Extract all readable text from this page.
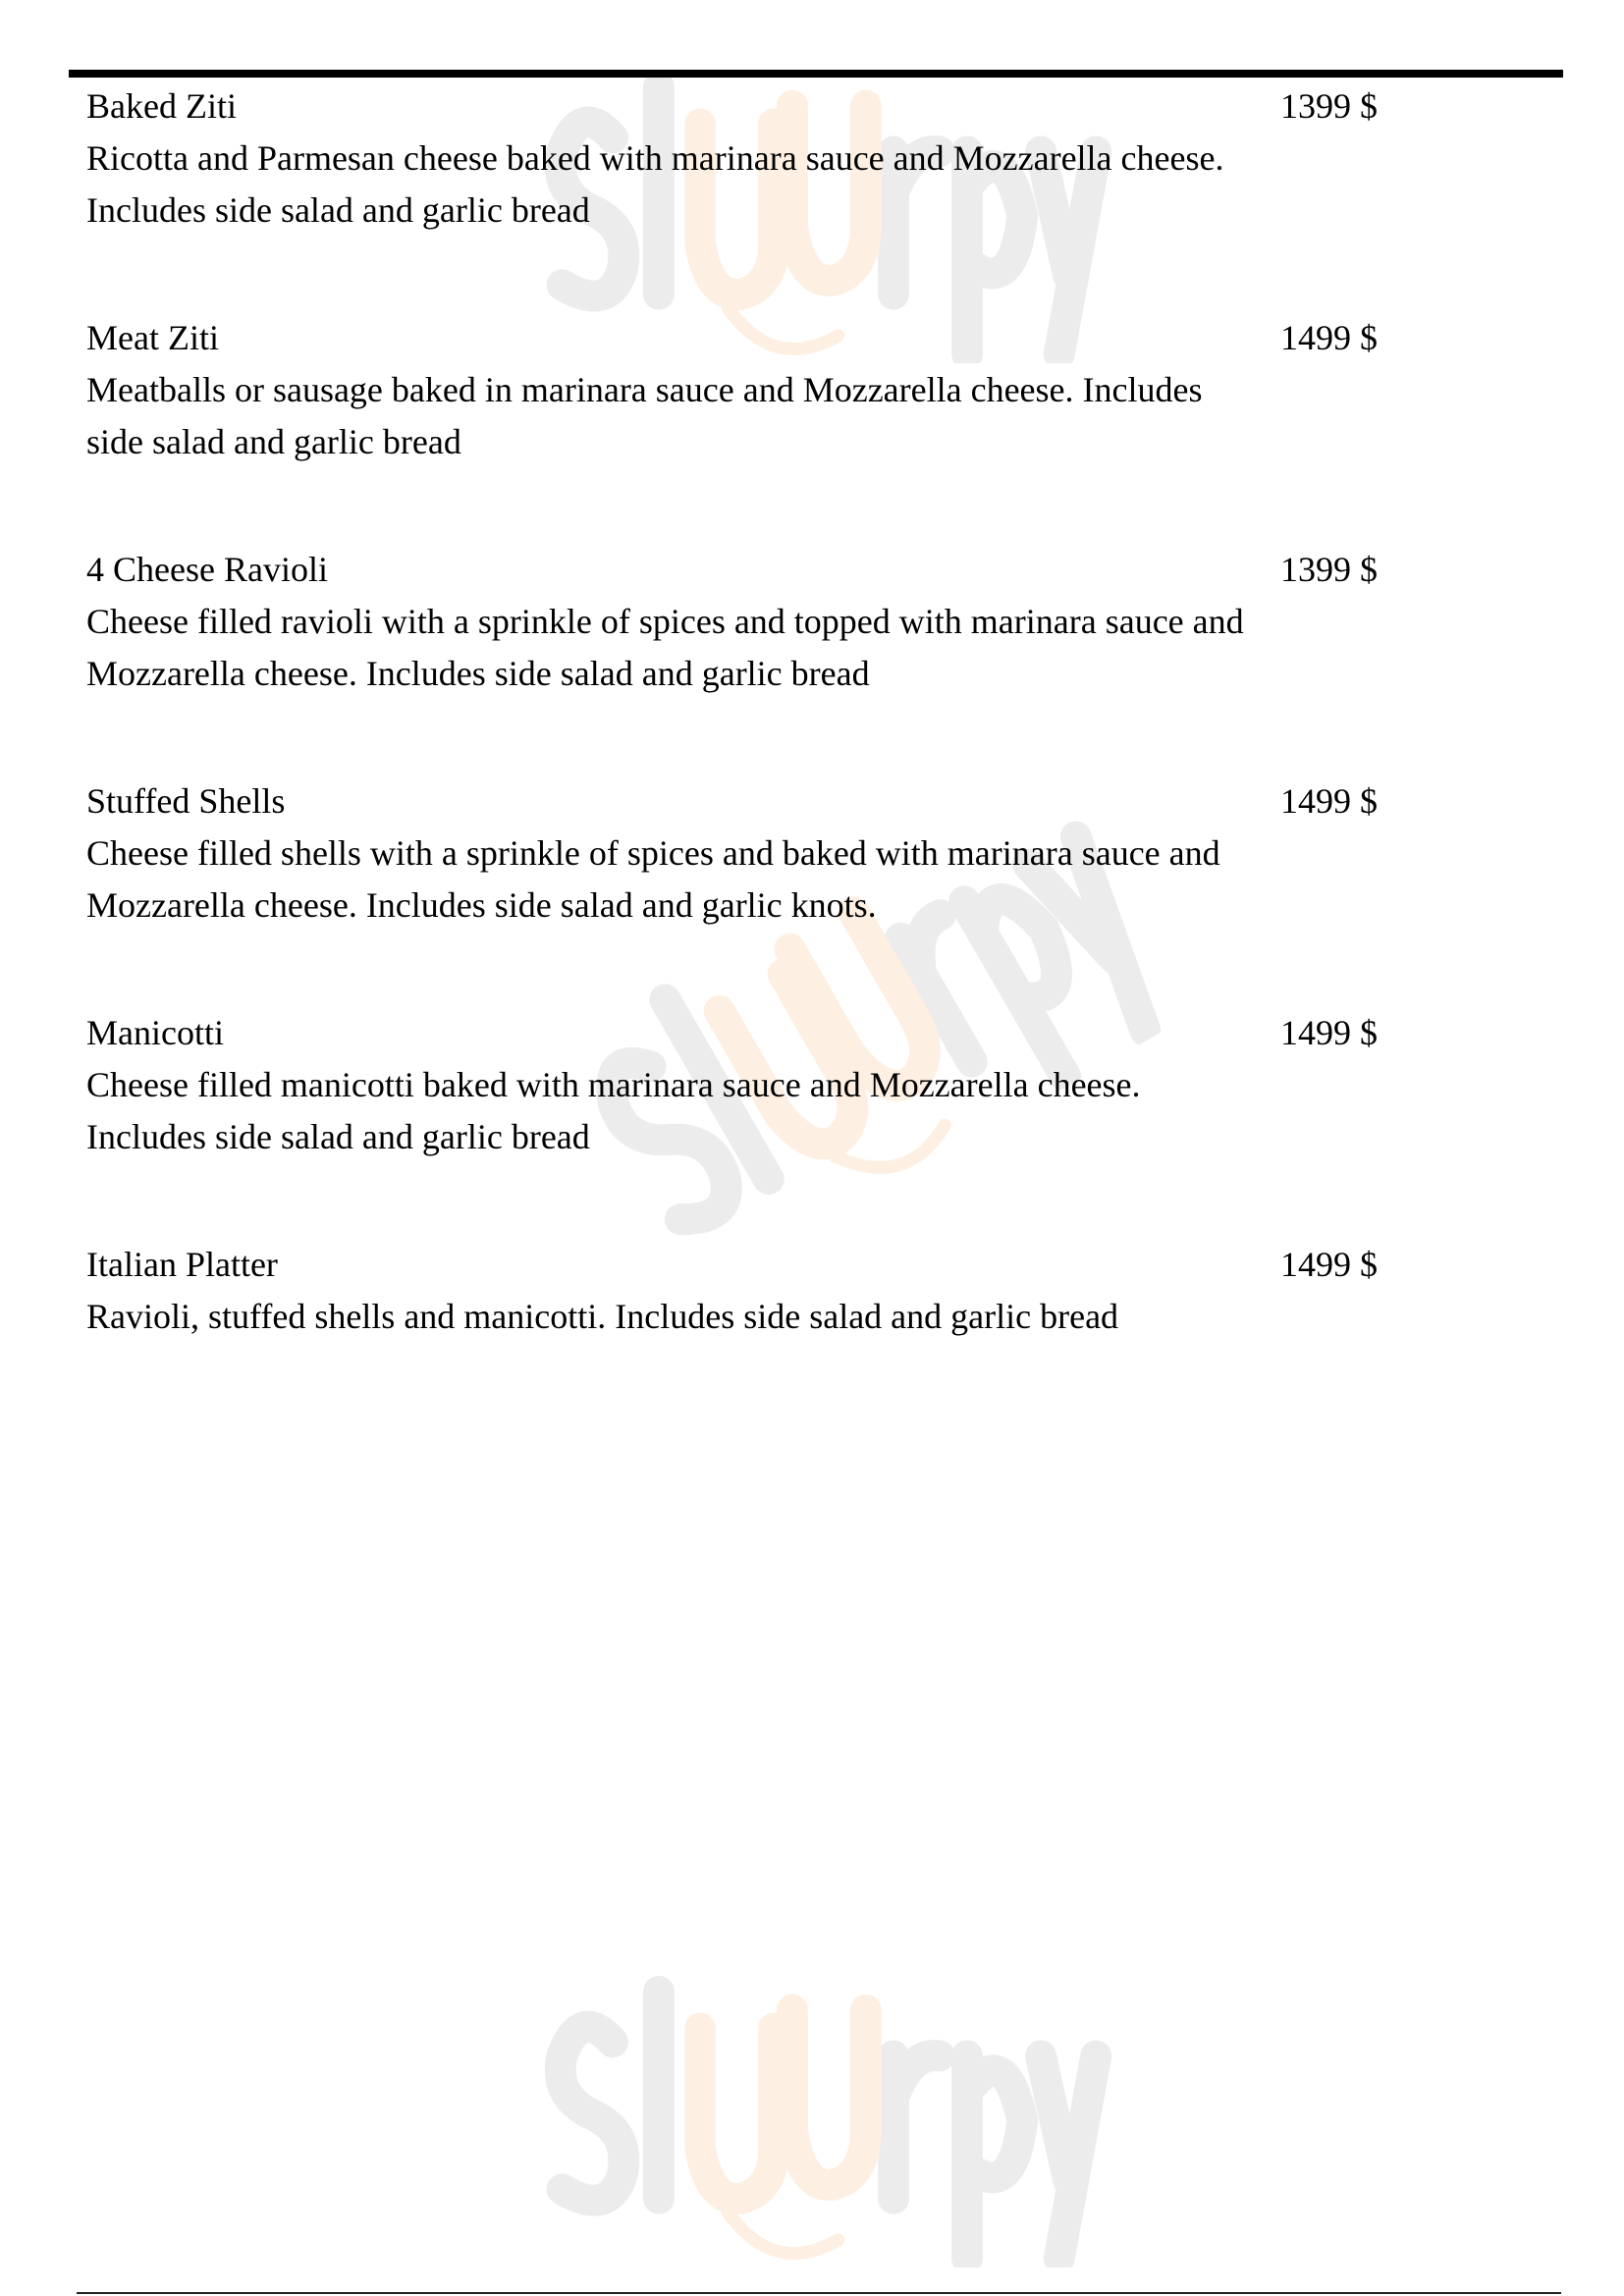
Baked Ziti
Ricotta and Parmesan cheese baked with marinara sauce and Mozzarella cheese. Includes side salad and garlic bread
1399 $
Meat Ziti
Meatballs or sausage baked in marinara sauce and Mozzarella cheese. Includes side salad and garlic bread
1499 $
4 Cheese Ravioli
Cheese filled ravioli with a sprinkle of spices and topped with marinara sauce and Mozzarella cheese. Includes side salad and garlic bread
1399 $
Stuffed Shells
Cheese filled shells with a sprinkle of spices and baked with marinara sauce and Mozzarella cheese. Includes side salad and garlic knots.
1499 $
Manicotti
Cheese filled manicotti baked with marinara sauce and Mozzarella cheese. Includes side salad and garlic bread
1499 $
Italian Platter
Ravioli, stuffed shells and manicotti. Includes side salad and garlic bread
1499 $
